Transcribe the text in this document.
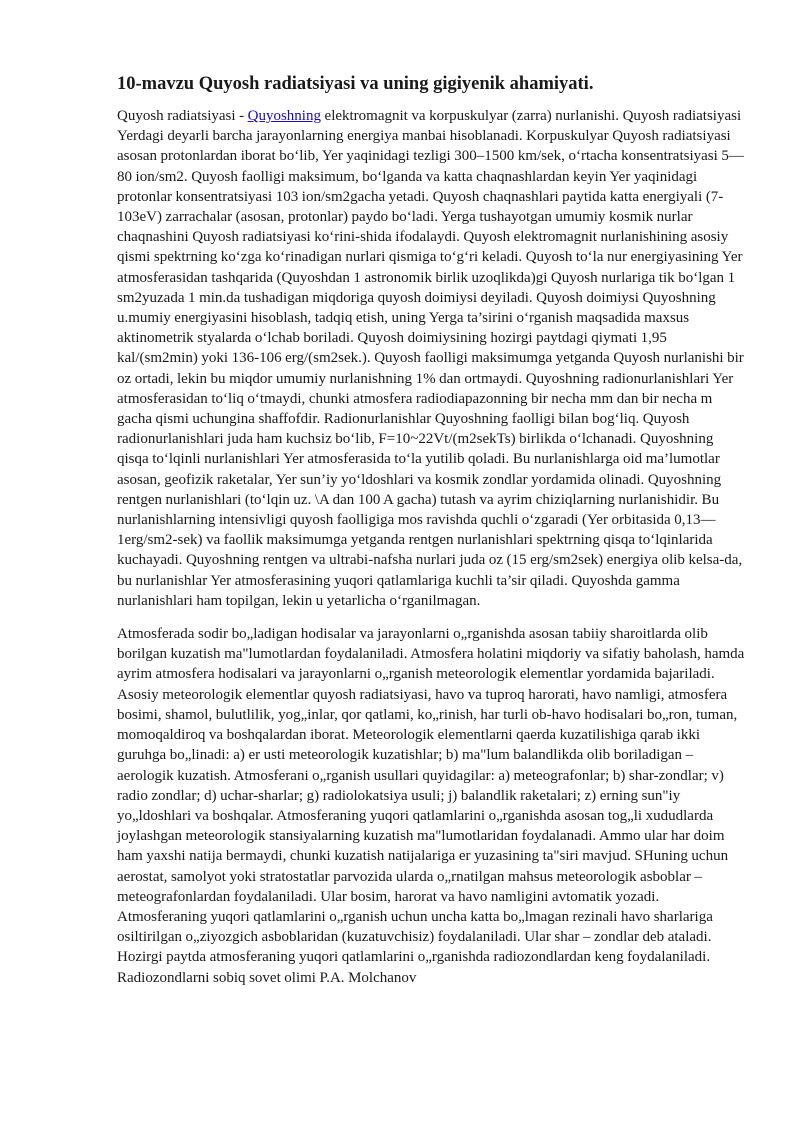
10-mavzu Quyosh radiatsiyasi va uning gigiyenik ahamiyati.

Quyosh radiatsiyasi - Quyoshning elektromagnit va korpuskulyar (zarra) nurlanishi. Quyosh radiatsiyasi Yerdagi deyarli barcha jarayonlarning energiya manbai hisoblanadi. Korpuskulyar Quyosh radiatsiyasi asosan protonlardan iborat bo‘lib, Yer yaqinidagi tezligi 300–1500 km/sek, o‘rtacha konsentratsiyasi 5—80 ion/sm2. Quyosh faolligi maksimum, bo‘lganda va katta chaqnashlardan keyin Yer yaqinidagi protonlar konsentratsiyasi 103 ion/sm2gacha yetadi. Quyosh chaqnashlari paytida katta energiyali (7-103eV) zarrachalar (asosan, protonlar) paydo bo‘ladi. Yerga tushayotgan umumiy kosmik nurlar chaqnashini Quyosh radiatsiyasi ko‘rini-shida ifodalaydi. Quyosh elektromagnit nurlanishining asosiy qismi spektrning ko‘zga ko‘rinadigan nurlari qismiga to‘g‘ri keladi. Quyosh to‘la nur energiyasining Yer atmosferasidan tashqarida (Quyoshdan 1 astronomik birlik uzoqlikda)gi Quyosh nurlariga tik bo‘lgan 1 sm2yuzada 1 min.da tushadigan miqdoriga quyosh doimiysi deyiladi. Quyosh doimiysi Quyoshning u.mumiy energiyasini hisoblash, tadqiq etish, uning Yerga ta’sirini o‘rganish maqsadida maxsus aktinometrik styalarda o‘lchab boriladi. Quyosh doimiysining hozirgi paytdagi qiymati 1,95 kal/(sm2min) yoki 136-106 erg/(sm2sek.). Quyosh faolligi maksimumga yetganda Quyosh nurlanishi bir oz ortadi, lekin bu miqdor umumiy nurlanishning 1% dan ortmaydi. Quyoshning radionurlanishlari Yer atmosferasidan to‘liq o‘tmaydi, chunki atmosfera radiodiapazonning bir necha mm dan bir necha m gacha qismi uchungina shaffofdir. Radionurlanishlar Quyoshning faolligi bilan bog‘liq. Quyosh radionurlanishlari juda ham kuchsiz bo‘lib, F=10~22Vt/(m2sekTs) birlikda o‘lchanadi. Quyoshning qisqa to‘lqinli nurlanishlari Yer atmosferasida to‘la yutilib qoladi. Bu nurlanishlarga oid ma’lumotlar asosan, geofizik raketalar, Yer sun’iy yo‘ldoshlari va kosmik zondlar yordamida olinadi. Quyoshning rentgen nurlanishlari (to‘lqin uz. \A dan 100 A gacha) tutash va ayrim chiziqlarning nurlanishidir. Bu nurlanishlarning intensivligi quyosh faolligiga mos ravishda quchli o‘zgaradi (Yer orbitasida 0,13—1erg/sm2-sek) va faollik maksimumga yetganda rentgen nurlanishlari spektrning qisqa to‘lqinlarida kuchayadi. Quyoshning rentgen va ultrabi-nafsha nurlari juda oz (15 erg/sm2sek) energiya olib kelsa-da, bu nurlanishlar Yer atmosferasining yuqori qatlamlariga kuchli ta’sir qiladi. Quyoshda gamma nurlanishlari ham topilgan, lekin u yetarlicha o‘rganilmagan.

Atmosferada sodir bo„ladigan hodisalar va jarayonlarni o„rganishda asosan tabiiy sharoitlarda olib borilgan kuzatish ma"lumotlardan foydalaniladi. Atmosfera holatini miqdoriy va sifatiy baholash, hamda ayrim atmosfera hodisalari va jarayonlarni o„rganish meteorologik elementlar yordamida bajariladi. Asosiy meteorologik elementlar quyosh radiatsiyasi, havo va tuproq harorati, havo namligi, atmosfera bosimi, shamol, bulutlilik, yog„inlar, qor qatlami, ko„rinish, har turli ob-havo hodisalari bo„ron, tuman, momoqaldiroq va boshqalardan iborat. Meteorologik elementlarni qaerda kuzatilishiga qarab ikki guruhga bo„linadi: a) er usti meteorologik kuzatishlar; b) ma"lum balandlikda olib boriladigan – aerologik kuzatish. Atmosferani o„rganish usullari quyidagilar: a) meteografonlar; b) shar-zondlar; v) radio zondlar; d) uchar-sharlar; g) radiolokatsiya usuli; j) balandlik raketalari; z) erning sun"iy yo„ldoshlari va boshqalar. Atmosferaning yuqori qatlamlarini o„rganishda asosan tog„li xududlarda joylashgan meteorologik stansiyalarning kuzatish ma"lumotlaridan foydalanadi. Ammo ular har doim ham yaxshi natija bermaydi, chunki kuzatish natijalariga er yuzasining ta"siri mavjud. SHuning uchun aerostat, samolyot yoki stratostatlar parvozida ularda o„rnatilgan mahsus meteorologik asboblar – meteografonlardan foydalaniladi. Ular bosim, harorat va havo namligini avtomatik yozadi. Atmosferaning yuqori qatlamlarini o„rganish uchun uncha katta bo„lmagan rezinali havo sharlariga osiltirilgan o„ziyozgich asboblaridan (kuzatuvchisiz) foydalaniladi. Ular shar – zondlar deb ataladi. Hozirgi paytda atmosferaning yuqori qatlamlarini o„rganishda radiozondlardan keng foydalaniladi. Radiozondlarni sobiq sovet olimi P.A. Molchanov
